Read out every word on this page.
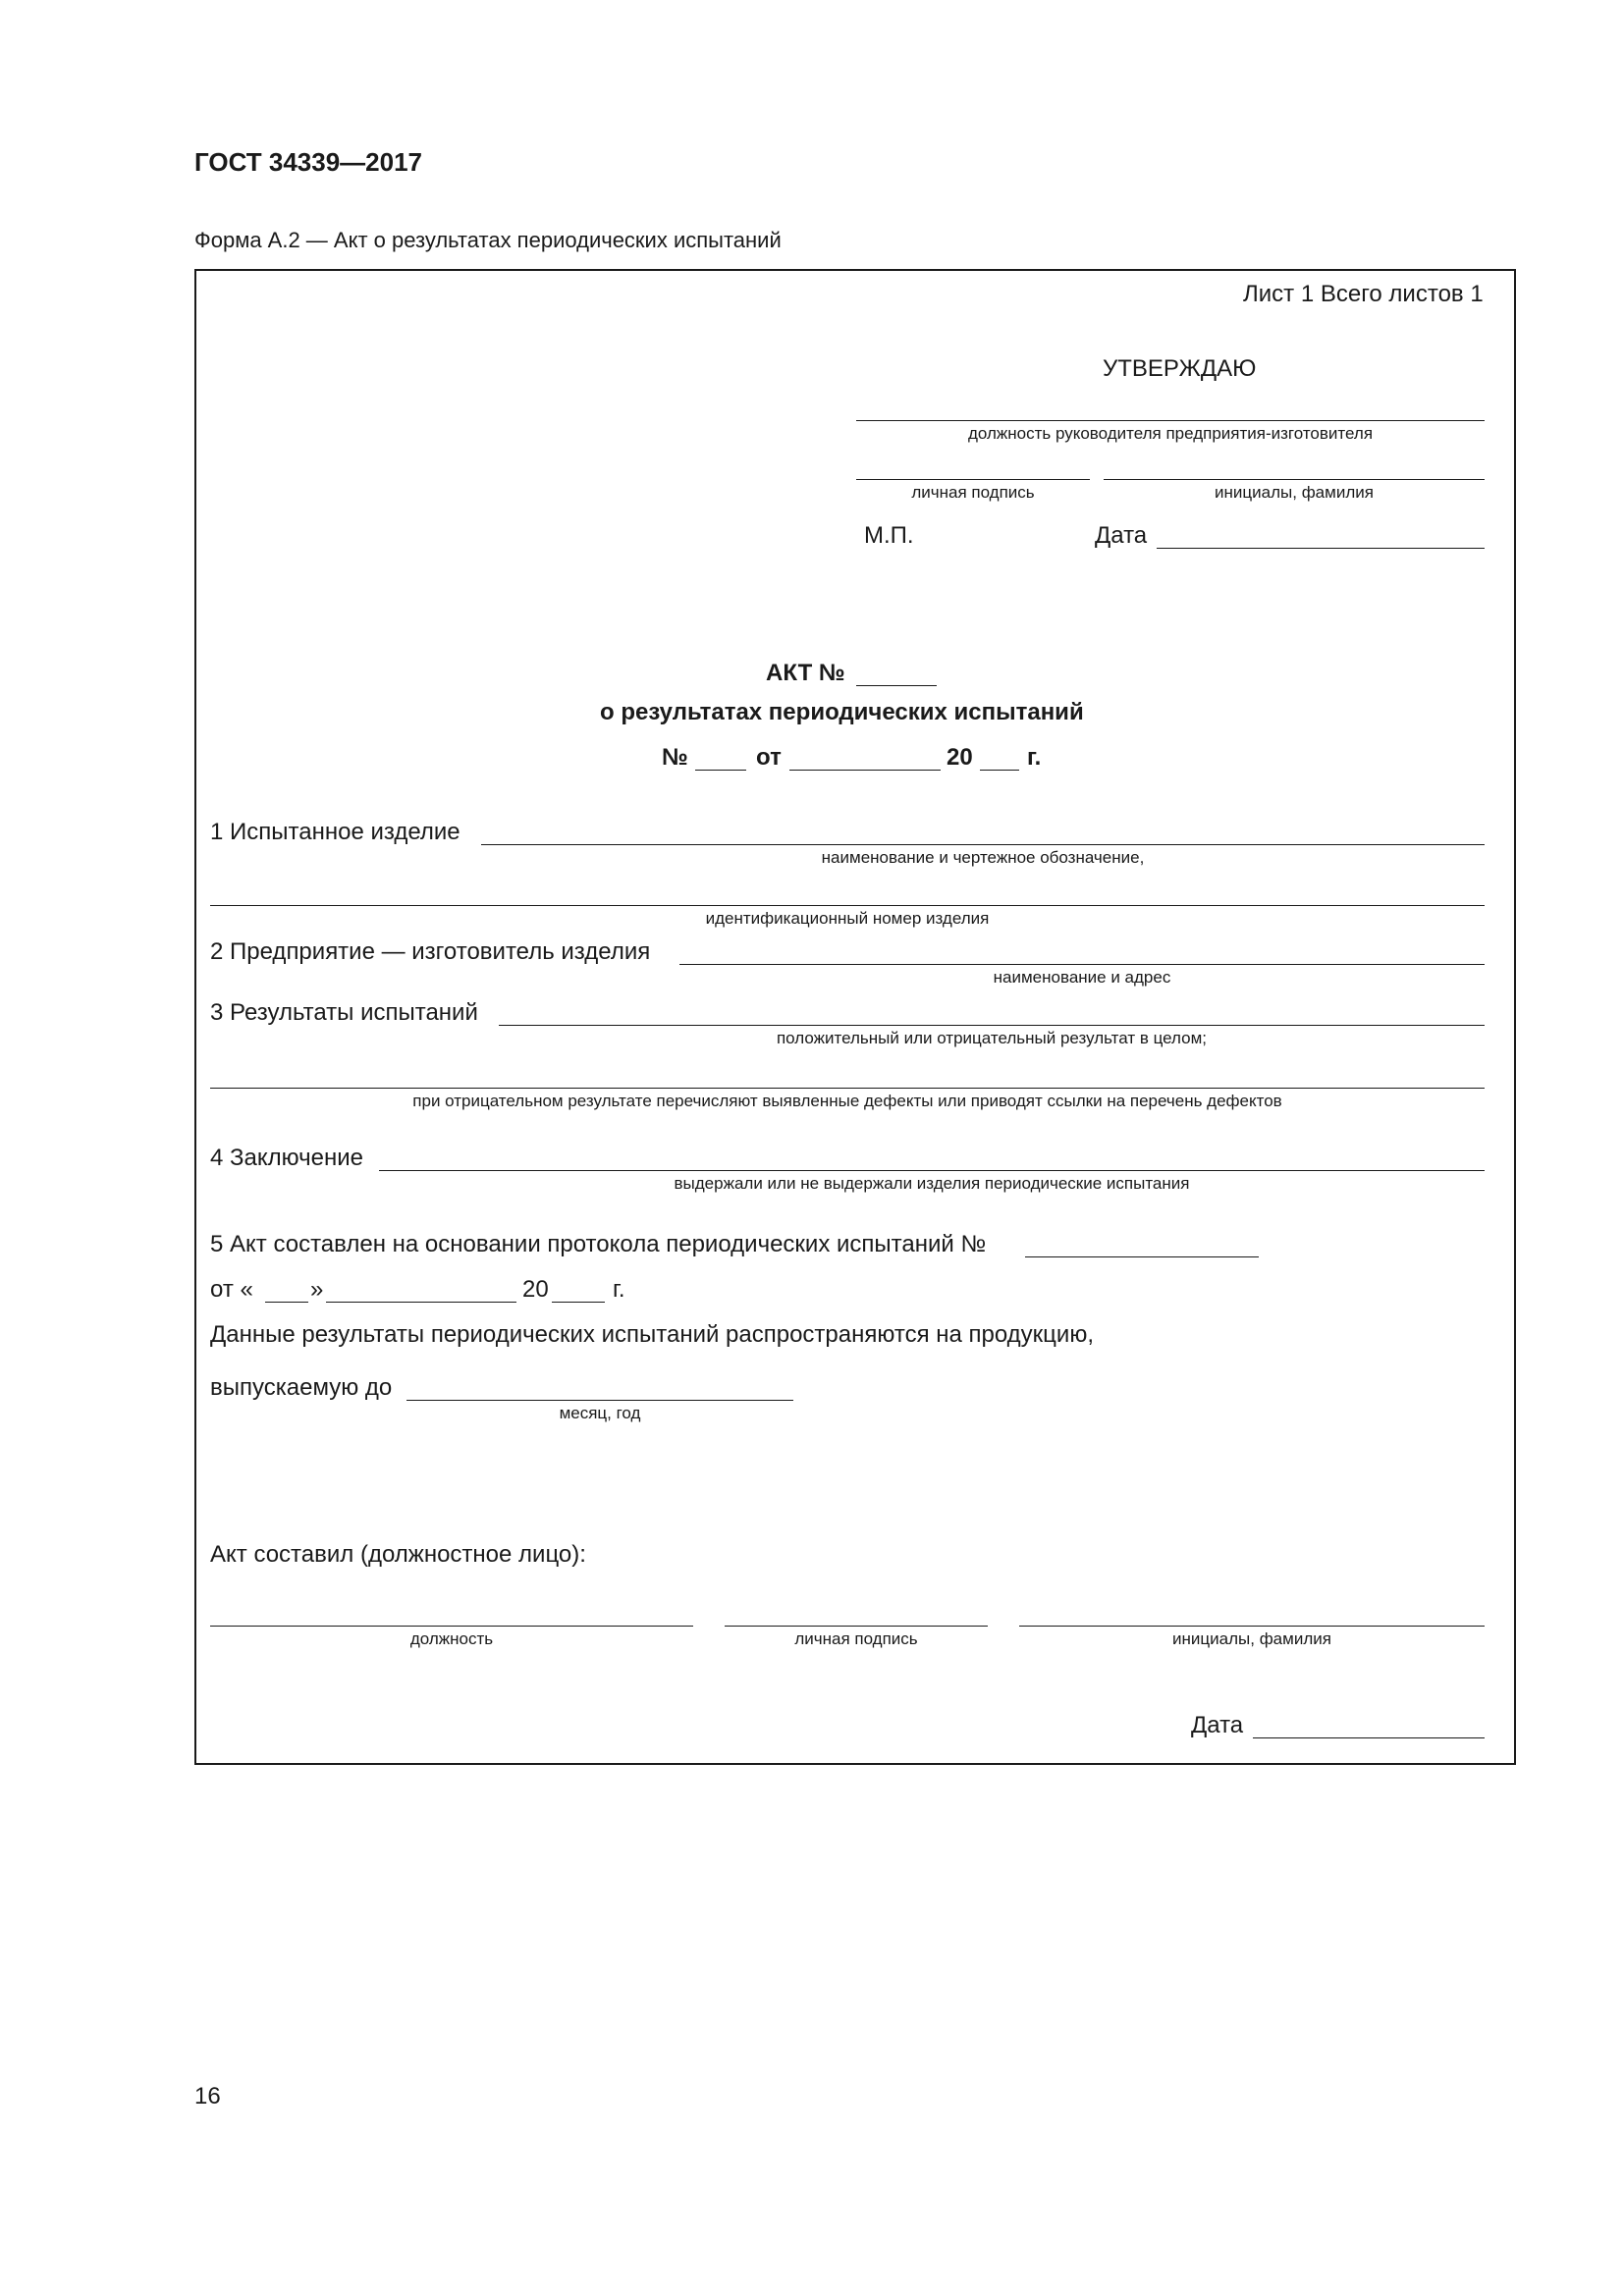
ГОСТ 34339—2017
Форма А.2 — Акт о результатах периодических испытаний
Лист 1 Всего листов 1
УТВЕРЖДАЮ
должность руководителя предприятия-изготовителя
личная подпись	инициалы, фамилия
М.П.	Дата
АКТ №
о результатах периодических испытаний
№	от	20 г.
1 Испытанное изделие
наименование и чертежное обозначение,
идентификационный номер изделия
2 Предприятие — изготовитель изделия
наименование и адрес
3 Результаты испытаний
положительный или отрицательный результат в целом;
при отрицательном результате перечисляют выявленные дефекты или приводят ссылки на перечень дефектов
4 Заключение
выдержали или не выдержали изделия периодические испытания
5 Акт составлен на основании протокола периодических испытаний №
от « »	20	г.
Данные результаты периодических испытаний распространяются на продукцию,
выпускаемую до
месяц, год
Акт составил (должностное лицо):
должность	личная подпись	инициалы, фамилия
Дата
16
